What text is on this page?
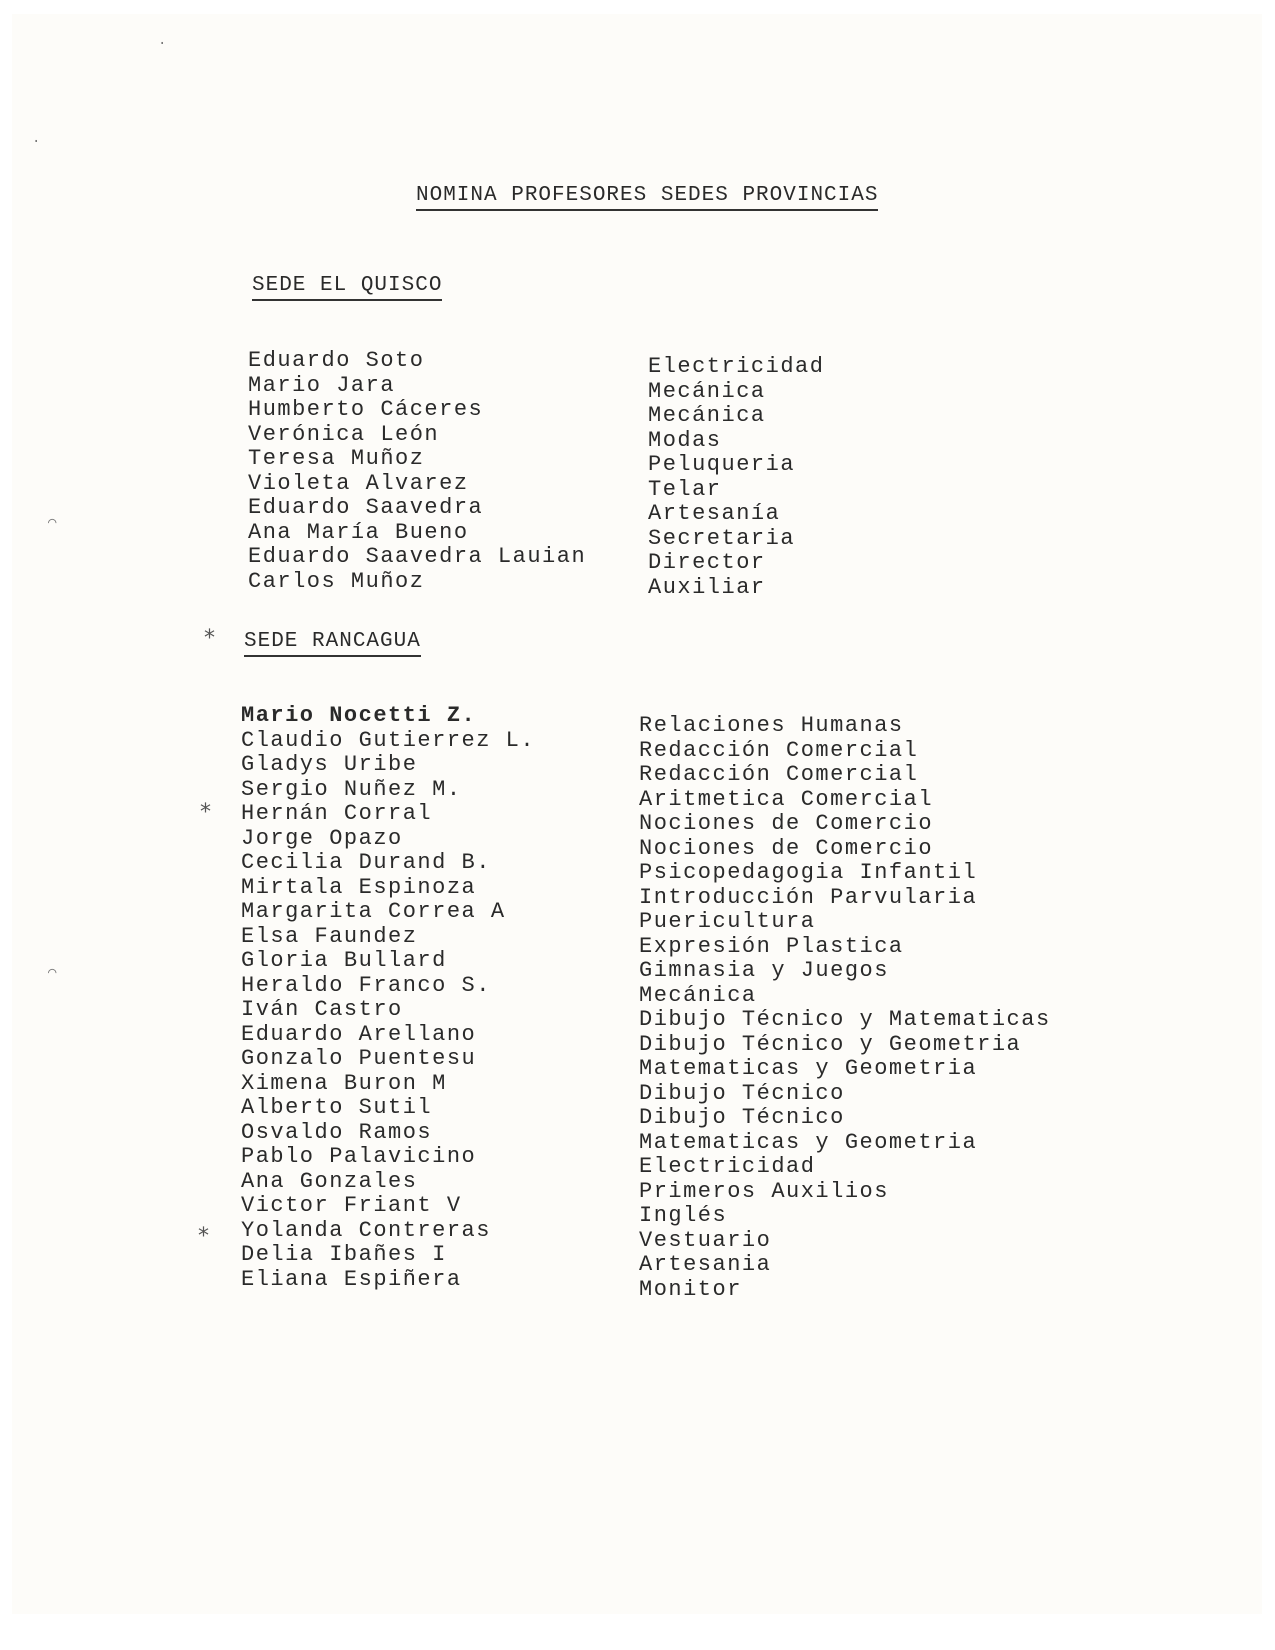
NOMINA PROFESORES SEDES PROVINCIAS
SEDE EL QUISCO
Eduardo Soto
Mario Jara
Humberto Cáceres
Verónica León
Teresa Muñoz
Violeta Alvarez
Eduardo Saavedra
Ana María Bueno
Eduardo Saavedra Lauian
Carlos Muñoz
Electricidad
Mecánica
Mecánica
Modas
Peluqueria
Telar
Artesanía
Secretaria
Director
Auxiliar
* SEDE RANCAGUA
Mario Nocetti Z.
Claudio Gutierrez L.
Gladys Uribe
Sergio Nuñez M.
Hernán Corral
Jorge Opazo
Cecilia Durand B.
Mirtala Espinoza
Margarita Correa A
Elsa Faundez
Gloria Bullard
Heraldo Franco S.
Iván Castro
Eduardo Arellano
Gonzalo Puentesu
Ximena Buron M
Alberto Sutil
Osvaldo Ramos
Pablo Palavicino
Ana Gonzales
Victor Friant V
Yolanda Contreras
Delia Ibañes I
Eliana Espiñera
*
*
Relaciones Humanas
Redacción Comercial
Redacción Comercial
Aritmetica Comercial
Nociones de Comercio
Nociones de Comercio
Psicopedagogia Infantil
Introducción Parvularia
Puericultura
Expresión Plastica
Gimnasia y Juegos
Mecánica
Dibujo Técnico y Matematicas
Dibujo Técnico y Geometria
Matematicas y Geometria
Dibujo Técnico
Dibujo Técnico
Matematicas y Geometria
Electricidad
Primeros Auxilios
Inglés
Vestuario
Artesania
Monitor
·
·
⌒
⌒
